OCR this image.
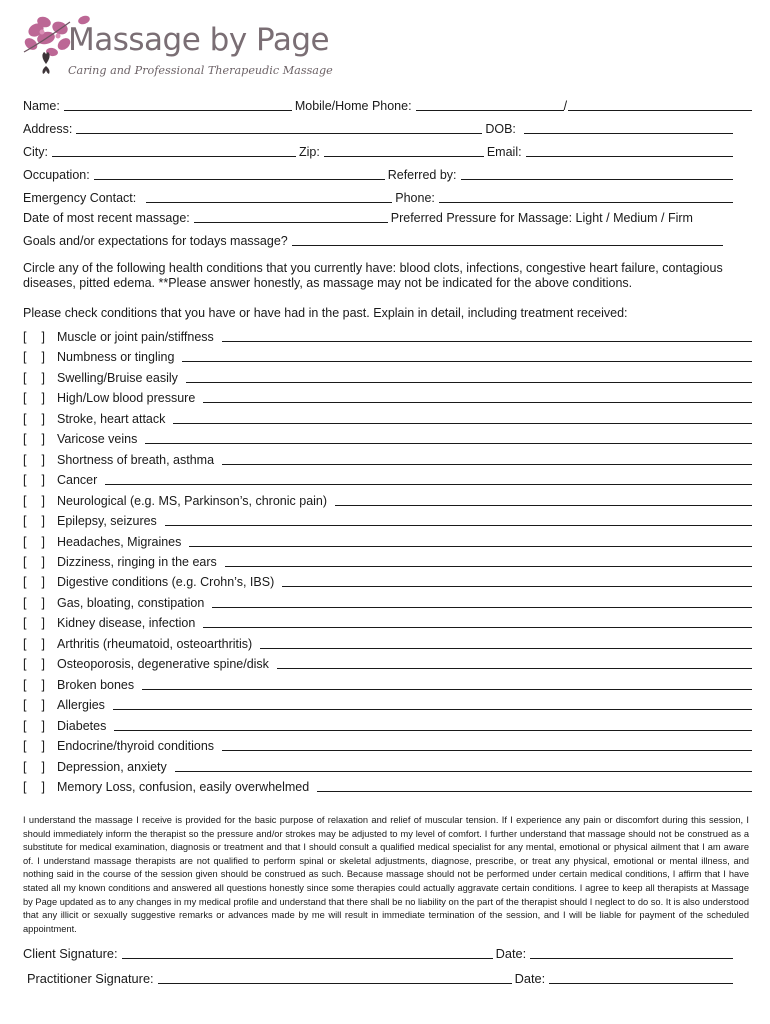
Massage by Page
Caring and Professional Therapeudic Massage
Name:	Mobile/Home Phone:	/
Address:	DOB:
City:	Zip:	Email:
Occupation:	Referred by:
Emergency Contact:	Phone:
Date of most recent massage:	Preferred Pressure for Massage: Light / Medium / Firm
Goals and/or expectations for todays massage?
Circle any of the following health conditions that you currently have: blood clots, infections, congestive heart failure, contagious diseases, pitted edema. **Please answer honestly, as massage may not be indicated for the above conditions.
Please check conditions that you have or have had in the past. Explain in detail, including treatment received:
[ ] Muscle or joint pain/stiffness
[ ] Numbness or tingling
[ ] Swelling/Bruise easily
[ ] High/Low blood pressure
[ ] Stroke, heart attack
[ ] Varicose veins
[ ] Shortness of breath, asthma
[ ] Cancer
[ ] Neurological (e.g. MS, Parkinson’s, chronic pain)
[ ] Epilepsy, seizures
[ ] Headaches, Migraines
[ ] Dizziness, ringing in the ears
[ ] Digestive conditions (e.g. Crohn’s, IBS)
[ ] Gas, bloating, constipation
[ ] Kidney disease, infection
[ ] Arthritis (rheumatoid, osteoarthritis)
[ ] Osteoporosis, degenerative spine/disk
[ ] Broken bones
[ ] Allergies
[ ] Diabetes
[ ] Endocrine/thyroid conditions
[ ] Depression, anxiety
[ ] Memory Loss, confusion, easily overwhelmed

I understand the massage I receive is provided for the basic purpose of relaxation and relief of muscular tension. If I experience any pain or discomfort during this session, I should immediately inform the therapist so the pressure and/or strokes may be adjusted to my level of comfort. I further understand that massage should not be construed as a substitute for medical examination, diagnosis or treatment and that I should consult a qualified medical specialist for any mental, emotional or physical ailment that I am aware of. I understand massage therapists are not qualified to perform spinal or skeletal adjustments, diagnose, prescribe, or treat any physical, emotional or mental illness, and nothing said in the course of the session given should be construed as such. Because massage should not be performed under certain medical conditions, I affirm that I have stated all my known conditions and answered all questions honestly since some therapies could actually aggravate certain conditions. I agree to keep all therapists at Massage by Page updated as to any changes in my medical profile and understand that there shall be no liability on the part of the therapist should I neglect to do so. It is also understood that any illicit or sexually suggestive remarks or advances made by me will result in immediate termination of the session, and I will be liable for payment of the scheduled appointment.

Client Signature:	Date:
Practitioner Signature:	Date:
